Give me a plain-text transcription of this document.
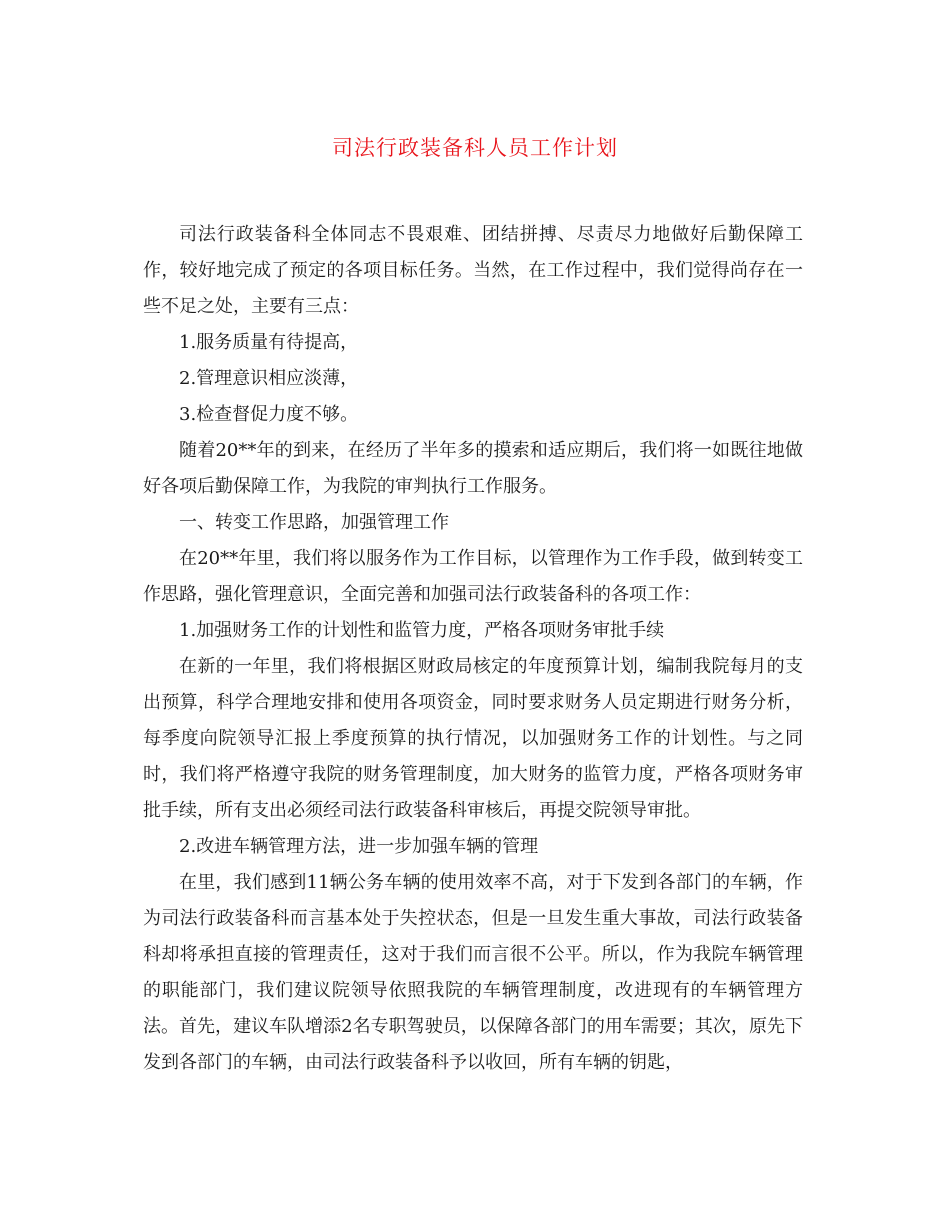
司法行政装备科人员工作计划

司法行政装备科全体同志不畏艰难、团结拼搏、尽责尽力地做好后勤保障工作，较好地完成了预定的各项目标任务。当然，在工作过程中，我们觉得尚存在一些不足之处，主要有三点：

1.服务质量有待提高，

2.管理意识相应淡薄，

3.检查督促力度不够。

随着20**年的到来，在经历了半年多的摸索和适应期后，我们将一如既往地做好各项后勤保障工作，为我院的审判执行工作服务。

一、转变工作思路，加强管理工作

在20**年里，我们将以服务作为工作目标，以管理作为工作手段，做到转变工作思路，强化管理意识，全面完善和加强司法行政装备科的各项工作：

1.加强财务工作的计划性和监管力度，严格各项财务审批手续

在新的一年里，我们将根据区财政局核定的年度预算计划，编制我院每月的支出预算，科学合理地安排和使用各项资金，同时要求财务人员定期进行财务分析，每季度向院领导汇报上季度预算的执行情况，以加强财务工作的计划性。与之同时，我们将严格遵守我院的财务管理制度，加大财务的监管力度，严格各项财务审批手续，所有支出必须经司法行政装备科审核后，再提交院领导审批。

2.改进车辆管理方法，进一步加强车辆的管理

在里，我们感到11辆公务车辆的使用效率不高，对于下发到各部门的车辆，作为司法行政装备科而言基本处于失控状态，但是一旦发生重大事故，司法行政装备科却将承担直接的管理责任，这对于我们而言很不公平。所以，作为我院车辆管理的职能部门，我们建议院领导依照我院的车辆管理制度，改进现有的车辆管理方法。首先，建议车队增添2名专职驾驶员，以保障各部门的用车需要；其次，原先下发到各部门的车辆，由司法行政装备科予以收回，所有车辆的钥匙，
